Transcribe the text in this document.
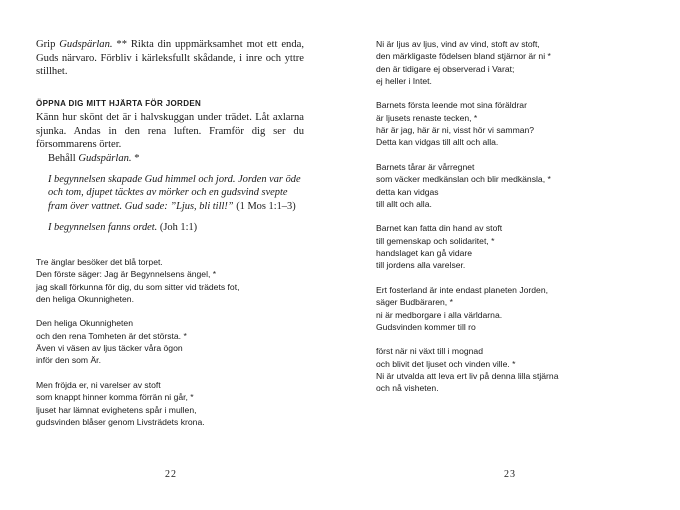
Grip Gudspärlan. ** Rikta din uppmärksamhet mot ett enda, Guds närvaro. Förbliv i kärleksfullt skådande, i inre och yttre stillhet.

ÖPPNA DIG MITT HJÄRTA FÖR JORDEN

Känn hur skönt det är i halvskuggan under trädet. Låt axlarna sjunka. Andas in den rena luften. Framför dig ser du försommarens örter.

Behåll Gudspärlan. *

I begynnelsen skapade Gud himmel och jord. Jorden var öde och tom, djupet täcktes av mörker och en gudsvind svepte fram över vattnet. Gud sade: ”Ljus, bli till!” (1 Mos 1:1–3)
I begynnelsen fanns ordet. (Joh 1:1)
Tre änglar besöker det blå torpet.
Den förste säger: Jag är Begynnelsens ängel, *
jag skall förkunna för dig, du som sitter vid trädets fot,
den heliga Okunnigheten.
Den heliga Okunnigheten
och den rena Tomheten är det största. *
Även vi väsen av ljus täcker våra ögon
inför den som Är.
Men fröjda er, ni varelser av stoft
som knappt hinner komma förrän ni går, *
ljuset har lämnat evighetens spår i mullen,
gudsvinden blåser genom Livsträdets krona.
22
Ni är ljus av ljus, vind av vind, stoft av stoft,
den märkligaste födelsen bland stjärnor är ni *
den är tidigare ej observerad i Varat;
ej heller i Intet.
Barnets första leende mot sina föräldrar
är ljusets renaste tecken, *
här är jag, här är ni, visst hör vi samman?
Detta kan vidgas till allt och alla.
Barnets tårar är vårregnet
som väcker medkänslan och blir medkänsla, *
detta kan vidgas
till allt och alla.
Barnet kan fatta din hand av stoft
till gemenskap och solidaritet, *
handslaget kan gå vidare
till jordens alla varelser.
Ert fosterland är inte endast planeten Jorden,
säger Budbäraren, *
ni är medborgare i alla världarna.
Gudsvinden kommer till ro
först när ni växt till i mognad
och blivit det ljuset och vinden ville. *
Ni är utvalda att leva ert liv på denna lilla stjärna
och nå visheten.
23
